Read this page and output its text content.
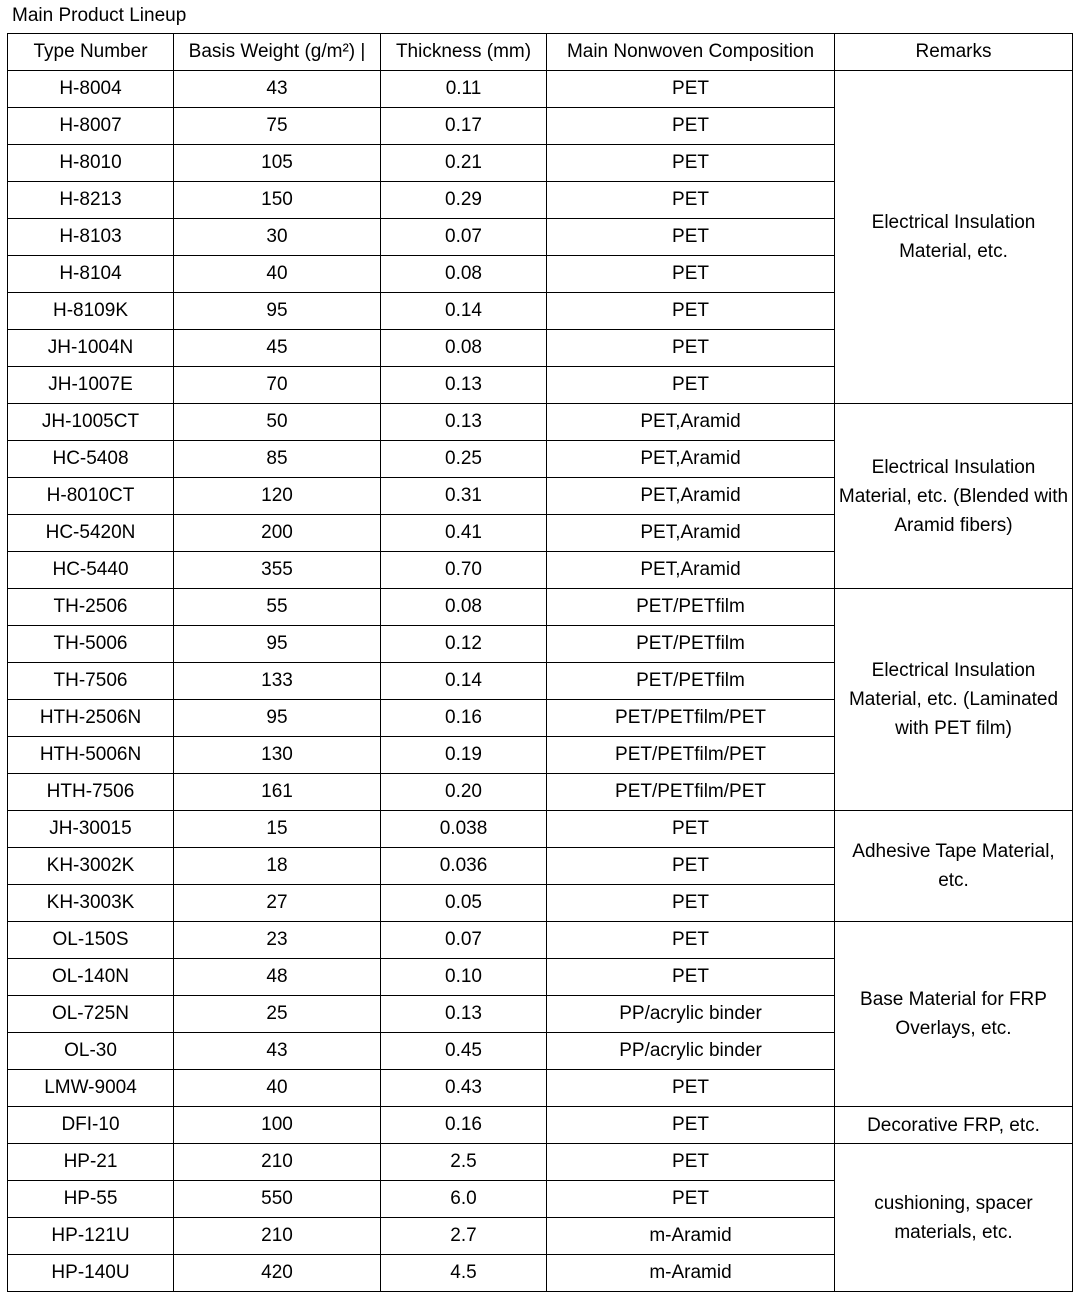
Main Product Lineup
Type Number	Basis Weight (g/m²) |	Thickness (mm)	Main Nonwoven Composition	Remarks
H-8004	43	0.11	PET	Electrical Insulation Material, etc.
H-8007	75	0.17	PET	
H-8010	105	0.21	PET	
H-8213	150	0.29	PET	
H-8103	30	0.07	PET	
H-8104	40	0.08	PET	
H-8109K	95	0.14	PET	
JH-1004N	45	0.08	PET	
JH-1007E	70	0.13	PET	
JH-1005CT	50	0.13	PET,Aramid	Electrical Insulation Material, etc. (Blended with Aramid fibers)
HC-5408	85	0.25	PET,Aramid	
H-8010CT	120	0.31	PET,Aramid	
HC-5420N	200	0.41	PET,Aramid	
HC-5440	355	0.70	PET,Aramid	
TH-2506	55	0.08	PET/PETfilm	Electrical Insulation Material, etc. (Laminated with PET film)
TH-5006	95	0.12	PET/PETfilm	
TH-7506	133	0.14	PET/PETfilm	
HTH-2506N	95	0.16	PET/PETfilm/PET	
HTH-5006N	130	0.19	PET/PETfilm/PET	
HTH-7506	161	0.20	PET/PETfilm/PET	
JH-30015	15	0.038	PET	Adhesive Tape Material, etc.
KH-3002K	18	0.036	PET	
KH-3003K	27	0.05	PET	
OL-150S	23	0.07	PET	Base Material for FRP Overlays, etc.
OL-140N	48	0.10	PET	
OL-725N	25	0.13	PP/acrylic binder	
OL-30	43	0.45	PP/acrylic binder	
LMW-9004	40	0.43	PET	
DFI-10	100	0.16	PET	Decorative FRP, etc.
HP-21	210	2.5	PET	cushioning, spacer materials, etc.
HP-55	550	6.0	PET	
HP-121U	210	2.7	m-Aramid	
HP-140U	420	4.5	m-Aramid	
